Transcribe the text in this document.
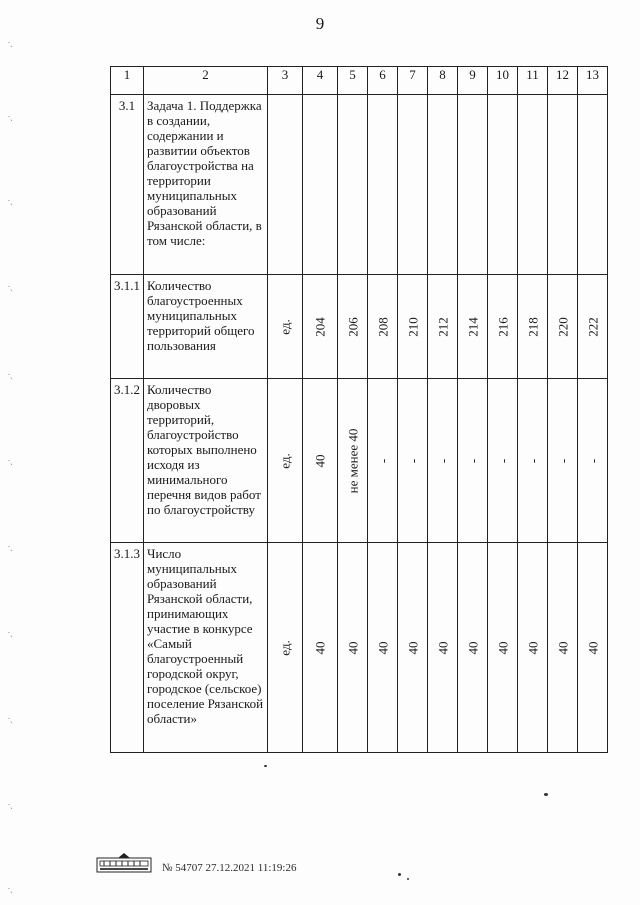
9
∙ˎ
∙ˎ
∙ˎ
∙ˎ
∙ˎ
∙ˎ
∙ˎ
∙ˎ
∙ˎ
∙ˎ
∙ˎ
1	2	3	4	5	6	7	8	9	10	11	12	13
3.1	Задача 1. Поддержка в создании, содержании и развитии объектов благоустройства на территории муниципальных образований Рязанской области, в том числе:	

3.1.1	Количество благоустроенных муниципальных территорий общего пользования	ед.	204	206	208	210	212	214	216	218	220	222

3.1.2	Количество дворовых территорий, благоустройство которых выполнено исходя из минимального перечня видов работ по благоустройству	ед.	40	не менее 40	-	-	-	-	-	-	-	-

3.1.3	Число муниципальных образований Рязанской области, принимающих участие в конкурсе «Самый благоустроенный городской округ, городское (сельское) поселение Рязанской области»	ед.	40	40	40	40	40	40	40	40	40	40
№ 54707 27.12.2021 11:19:26
